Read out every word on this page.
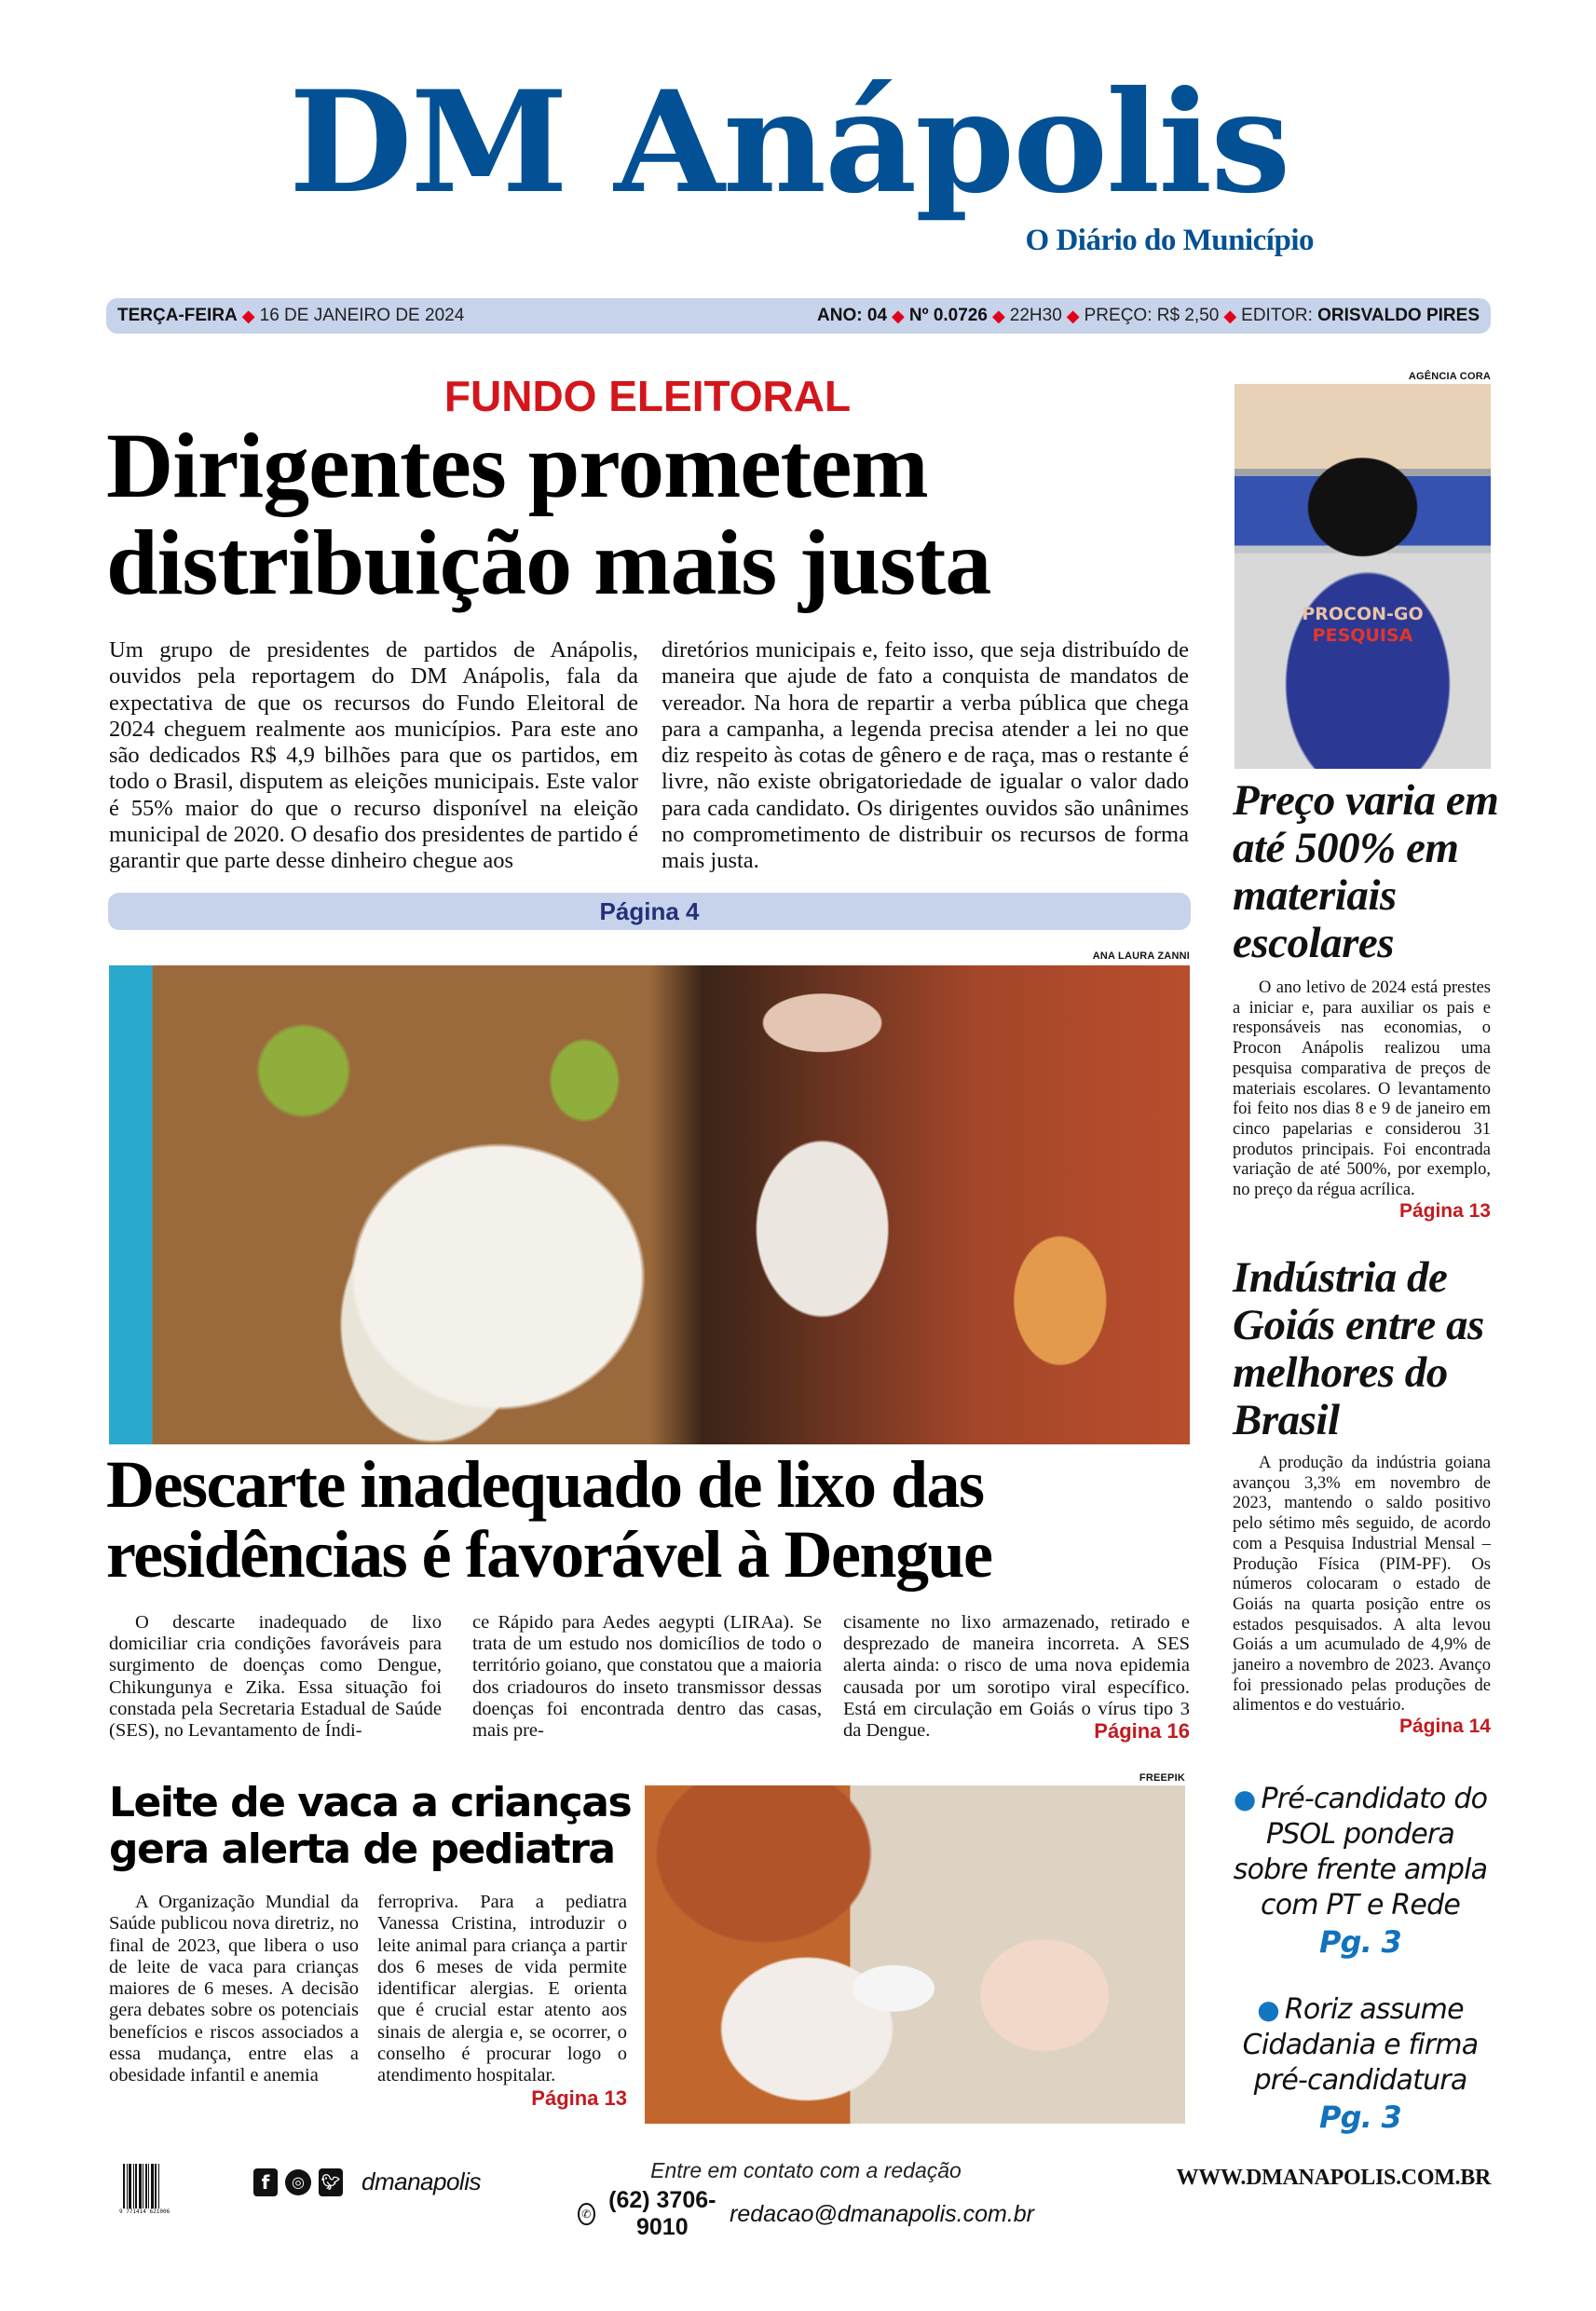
DM Anápolis
O Diário do Município
TERÇA-FEIRA ◆ 16 DE JANEIRO DE 2024	ANO:
04 ◆ Nº
0.0726 ◆ 22H30 ◆ PREÇO:
R$ 2,50 ◆ EDITOR:
ORISVALDO PIRES
FUNDO ELEITORAL
Dirigentes prometem distribuição mais justa

Um grupo de presidentes de partidos de Anápolis, ouvidos pela reportagem do DM Anápolis, fala da expectativa de que os recursos do Fundo Eleitoral de 2024 cheguem realmente aos municípios. Para este ano são dedicados R$ 4,9 bilhões para que os partidos, em todo o Brasil, disputem as eleições municipais. Este valor é 55% maior do que o recurso disponível na eleição municipal de 2020. O desafio dos presidentes de partido é garantir que parte desse dinheiro chegue aos

diretórios municipais e, feito isso, que seja distribuído de maneira que ajude de fato a conquista de mandatos de vereador. Na hora de repartir a verba pública que chega para a campanha, a legenda precisa atender a lei no que diz respeito às cotas de gênero e de raça, mas o restante é livre, não existe obrigatoriedade de igualar o valor dado para cada candidato. Os dirigentes ouvidos são unânimes no comprometimento de distribuir os recursos de forma mais justa.

Página 4
ANA LAURA ZANNI
Descarte inadequado de lixo das residências é favorável à Dengue

O descarte inadequado de lixo domiciliar cria condições favoráveis para surgimento de doenças como Dengue, Chikungunya e Zika. Essa situação foi constada pela Secretaria Estadual de Saúde (SES), no Levantamento de Índi-

ce Rápido para Aedes aegypti (LIRAa). Se trata de um estudo nos domicílios de todo o território goiano, que constatou que a maioria dos criadouros do inseto transmissor dessas doenças foi encontrada dentro das casas, mais pre-

cisamente no lixo armazenado, retirado e desprezado de maneira incorreta. A SES alerta ainda: o risco de uma nova epidemia causada por um sorotipo viral específico. Está em circulação em Goiás o vírus tipo 3 da Dengue.	Página 16
Leite de vaca a crianças gera alerta de pediatra

A Organização Mundial da Saúde publicou nova diretriz, no final de 2023, que libera o uso de leite de vaca para crianças maiores de 6 meses. A decisão gera debates sobre os potenciais benefícios e riscos associados a essa mudança, entre elas a obesidade infantil e anemia

ferropriva. Para a pediatra Vanessa Cristina, introduzir o leite animal para criança a partir dos 6 meses de vida permite identificar alergias. E orienta que é crucial estar atento aos sinais de alergia e, se ocorrer, o conselho é procurar logo o atendimento hospitalar.
Página 13
FREEPIK
AGÊNCIA CORA
PROCON-GO
PESQUISA
Preço varia em até 500% em materiais escolares
O ano letivo de 2024 está prestes a iniciar e, para auxiliar os pais e responsáveis nas economias, o Procon Anápolis realizou uma pesquisa comparativa de preços de materiais escolares. O levantamento foi feito nos dias 8 e 9 de janeiro em cinco papelarias e considerou 31 produtos principais. Foi encontrada variação de até 500%, por exemplo, no preço da régua acrílica.
Página 13
Indústria de Goiás entre as melhores do Brasil
A produção da indústria goiana avançou 3,3% em novembro de 2023, mantendo o saldo positivo pelo sétimo mês seguido, de acordo com a Pesquisa Industrial Mensal – Produção Física (PIM-PF). Os números colocaram o estado de Goiás na quarta posição entre os estados pesquisados. A alta levou Goiás a um acumulado de 4,9% de janeiro a novembro de 2023. Avanço foi pressionado pelas produções de alimentos e do vestuário.
Página 14
● Pré-candidato do PSOL pondera sobre frente ampla com PT e Rede
Pg. 3
● Roriz assume Cidadania e firma pré-candidatura
Pg. 3
9 771414 621006
f	◎	🐦︎ dmanapolis	Entre em contato com a redação
✆
(62) 3706-9010
redacao@dmanapolis.com.br
WWW.DMANAPOLIS.COM.BR
